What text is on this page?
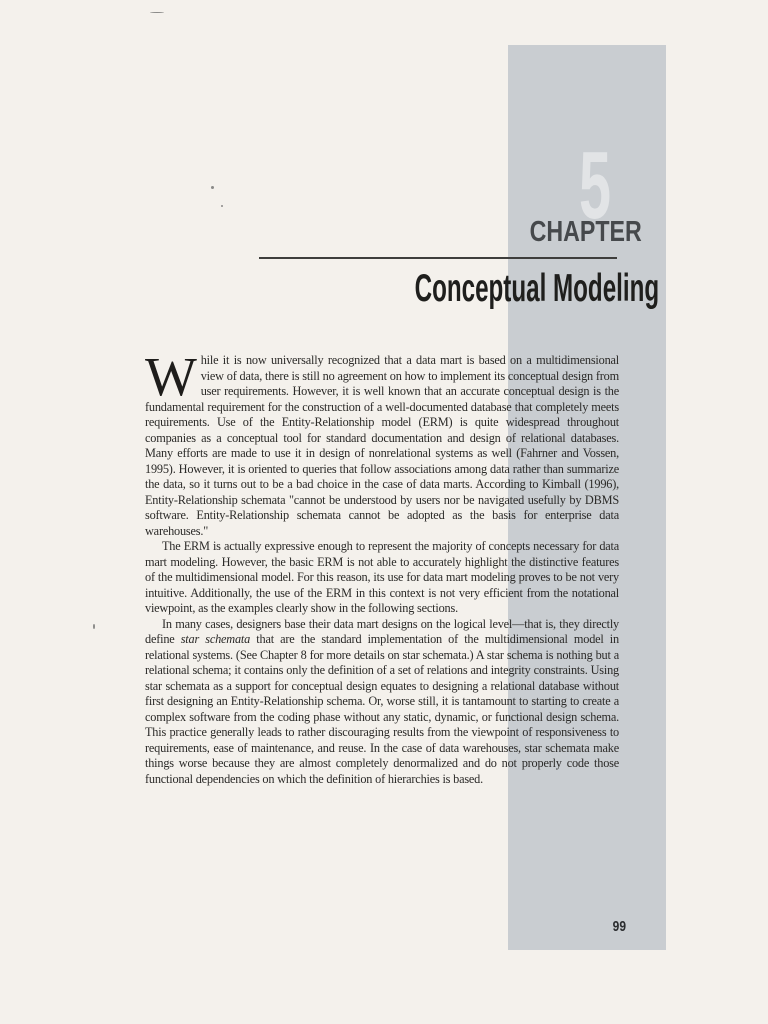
5
CHAPTER
Conceptual Modeling

While it is now universally recognized that a data mart is based on a multidimensional view of data, there is still no agreement on how to implement its conceptual design from user requirements. However, it is well known that an accurate conceptual design is the fundamental requirement for the construction of a well-documented database that completely meets requirements. Use of the Entity-Relationship model (ERM) is quite widespread throughout companies as a conceptual tool for standard documentation and design of relational databases. Many efforts are made to use it in design of nonrelational systems as well (Fahrner and Vossen, 1995). However, it is oriented to queries that follow associations among data rather than summarize the data, so it turns out to be a bad choice in the case of data marts. According to Kimball (1996), Entity-Relationship schemata "cannot be understood by users nor be navigated usefully by DBMS software. Entity-Relationship schemata cannot be adopted as the basis for enterprise data warehouses."

The ERM is actually expressive enough to represent the majority of concepts necessary for data mart modeling. However, the basic ERM is not able to accurately highlight the distinctive features of the multidimensional model. For this reason, its use for data mart modeling proves to be not very intuitive. Additionally, the use of the ERM in this context is not very efficient from the notational viewpoint, as the examples clearly show in the following sections.

In many cases, designers base their data mart designs on the logical level—that is, they directly define star schemata that are the standard implementation of the multidimensional model in relational systems. (See Chapter 8 for more details on star schemata.) A star schema is nothing but a relational schema; it contains only the definition of a set of relations and integrity constraints. Using star schemata as a support for conceptual design equates to designing a relational database without first designing an Entity-Relationship schema. Or, worse still, it is tantamount to starting to create a complex software from the coding phase without any static, dynamic, or functional design schema. This practice generally leads to rather discouraging results from the viewpoint of responsiveness to requirements, ease of maintenance, and reuse. In the case of data warehouses, star schemata make things worse because they are almost completely denormalized and do not properly code those functional dependencies on which the definition of hierarchies is based.

99
